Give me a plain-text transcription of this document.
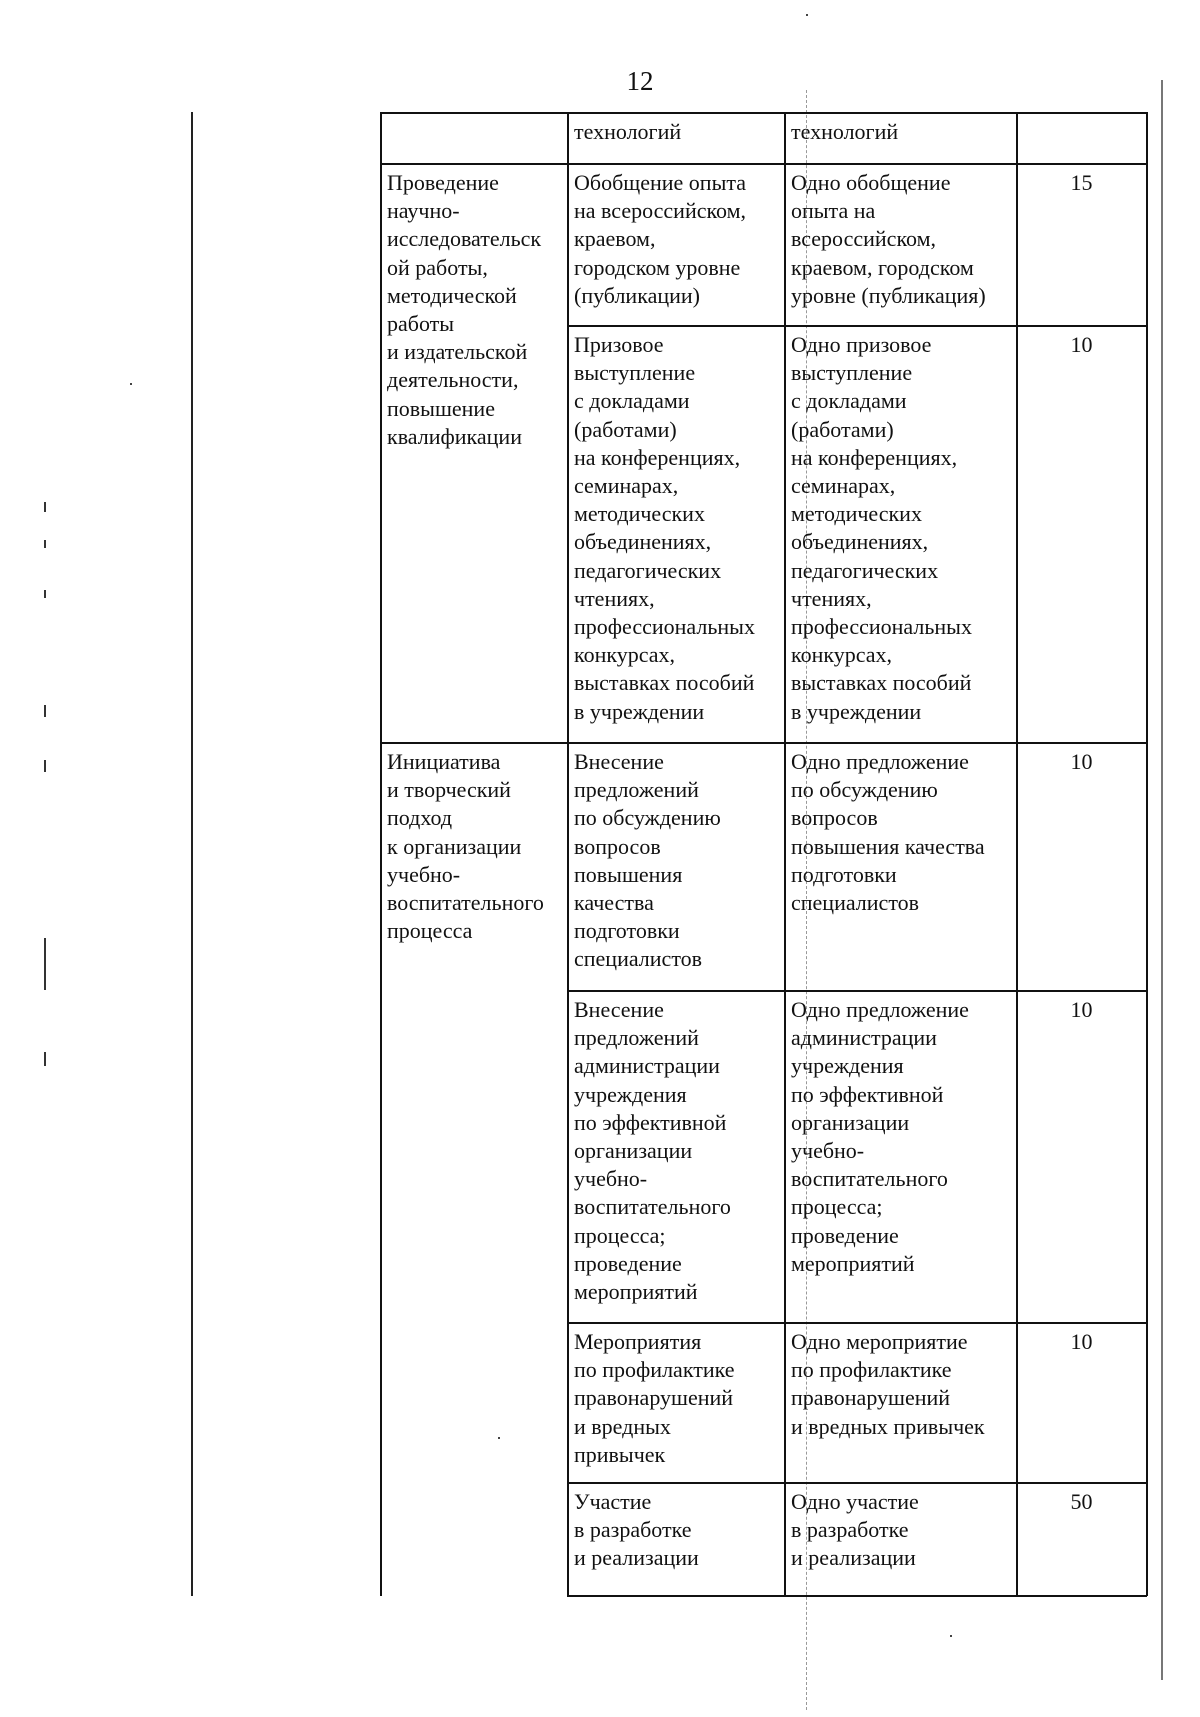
12
технологий	технологий
Проведение
научно-
исследовательск
ой работы,
методической
работы
и издательской
деятельности,
повышение
квалификации
Обобщение опыта
на всероссийском,
краевом,
городском уровне
(публикации)
Одно обобщение
опыта на
всероссийском,
краевом, городском
уровне (публикация)
15
Призовое
выступление
с докладами
(работами)
на конференциях,
семинарах,
методических
объединениях,
педагогических
чтениях,
профессиональных
конкурсах,
выставках пособий
в учреждении
Одно призовое
выступление
с докладами
(работами)
на конференциях,
семинарах,
методических
объединениях,
педагогических
чтениях,
профессиональных
конкурсах,
выставках пособий
в учреждении
10
Инициатива
и творческий
подход
к организации
учебно-
воспитательного
процесса
Внесение
предложений
по обсуждению
вопросов
повышения
качества
подготовки
специалистов
Одно предложение
по обсуждению
вопросов
повышения качества
подготовки
специалистов
10
Внесение
предложений
администрации
учреждения
по эффективной
организации
учебно-
воспитательного
процесса;
проведение
мероприятий
Одно предложение
администрации
учреждения
по эффективной
организации
учебно-
воспитательного
процесса;
проведение
мероприятий
10
Мероприятия
по профилактике
правонарушений
и вредных
привычек
Одно мероприятие
по профилактике
правонарушений
и вредных привычек
10
Участие
в разработке
и реализации
Одно участие
в разработке
и реализации
50
